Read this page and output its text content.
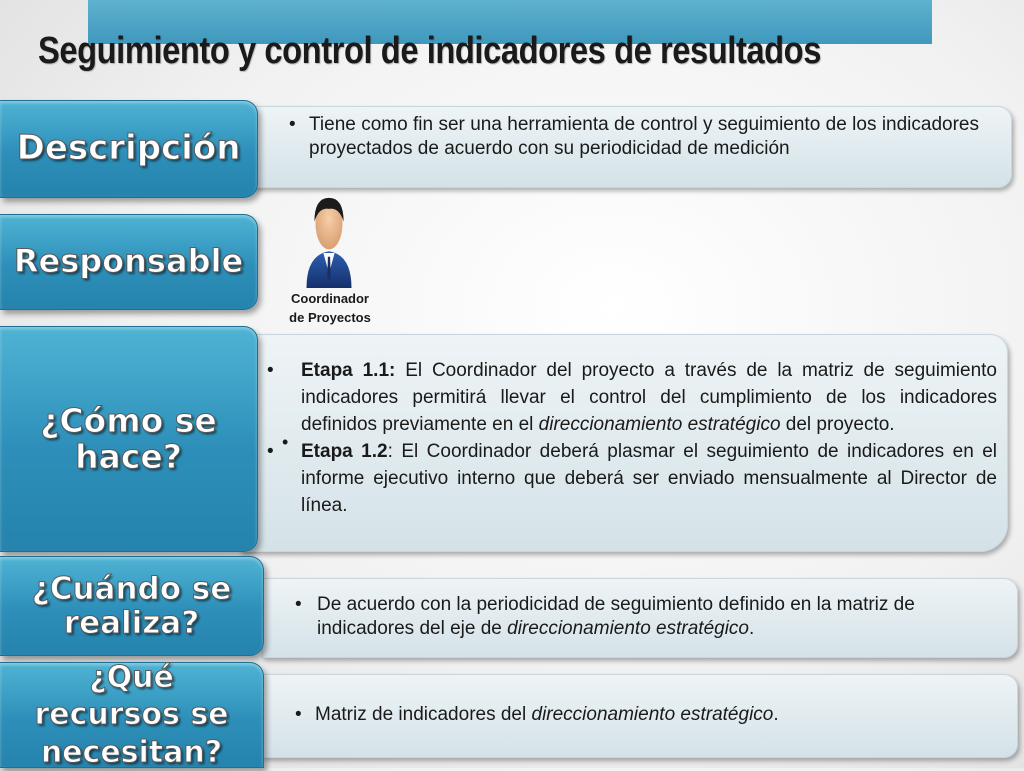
Seguimiento y control de indicadores de resultados
• Tiene como fin ser una herramienta de control y seguimiento de los indicadores proyectados de acuerdo con su periodicidad de medición
Descripción
Responsable
Coordinador
de Proyectos
•	Etapa 1.1: El Coordinador del proyecto a través de la matriz de seguimiento indicadores permitirá llevar el control del cumplimiento de los indicadores definidos previamente en el direccionamiento estratégico del proyecto.
•	Etapa 1.2: El Coordinador deberá plasmar el seguimiento de indicadores en el informe ejecutivo interno que deberá ser enviado mensualmente al Director de línea.
•
¿Cómo se
hace?
• De acuerdo con la periodicidad de seguimiento definido en la matriz de indicadores del eje de direccionamiento estratégico.
¿Cuándo se
realiza?
• Matriz de indicadores del direccionamiento estratégico.
¿Qué
recursos se
necesitan?
